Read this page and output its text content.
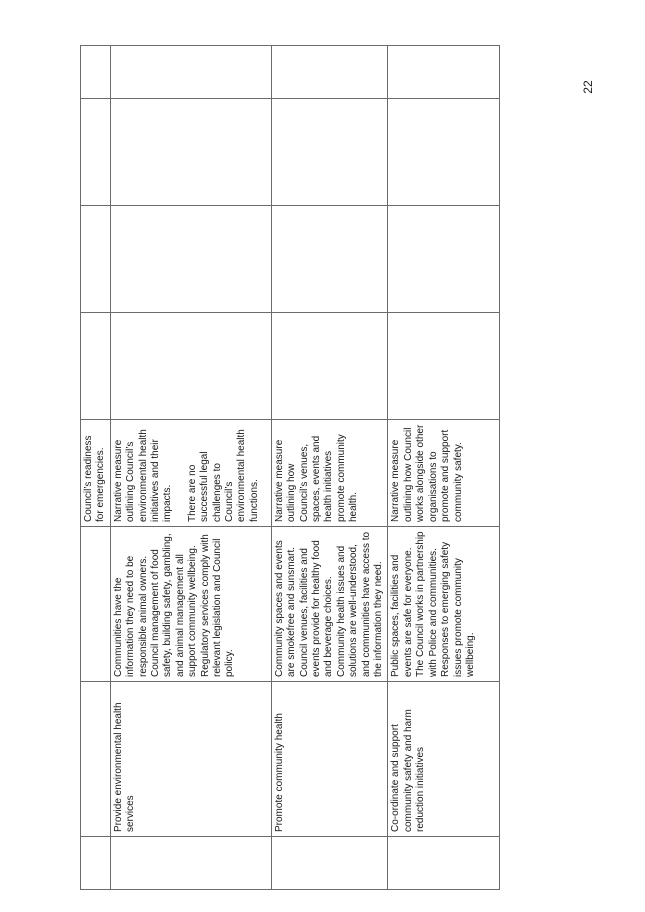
22
			Council’s readiness for emergencies.				
	Provide environmental health services	Communities have the information they need to be responsible animal owners. Council management of food safety, building safety, gambling, and animal management all support community wellbeing. Regulatory services comply with relevant legislation and Council policy.	Narrative measure outlining Council’s environmental health initiatives and their impacts. There are no successful legal challenges to Council’s environmental health functions.				
	Promote community health	Community spaces and events are smokefree and sunsmart. Council venues, facilities and events provide for healthy food and beverage choices. Community health issues and solutions are well-understood, and communities have access to the information they need.	Narrative measure outlining how Council’s venues, spaces, events and health initiatives promote community health.				
	Co-ordinate and support community safety and harm reduction initiatives	Public spaces, facilities and events are safe for everyone. The Council works in partnership with Police and communities. Responses to emerging safety issues promote community wellbeing.	Narrative measure outlining how Council works alongside other organisations to promote and support community safety.				
